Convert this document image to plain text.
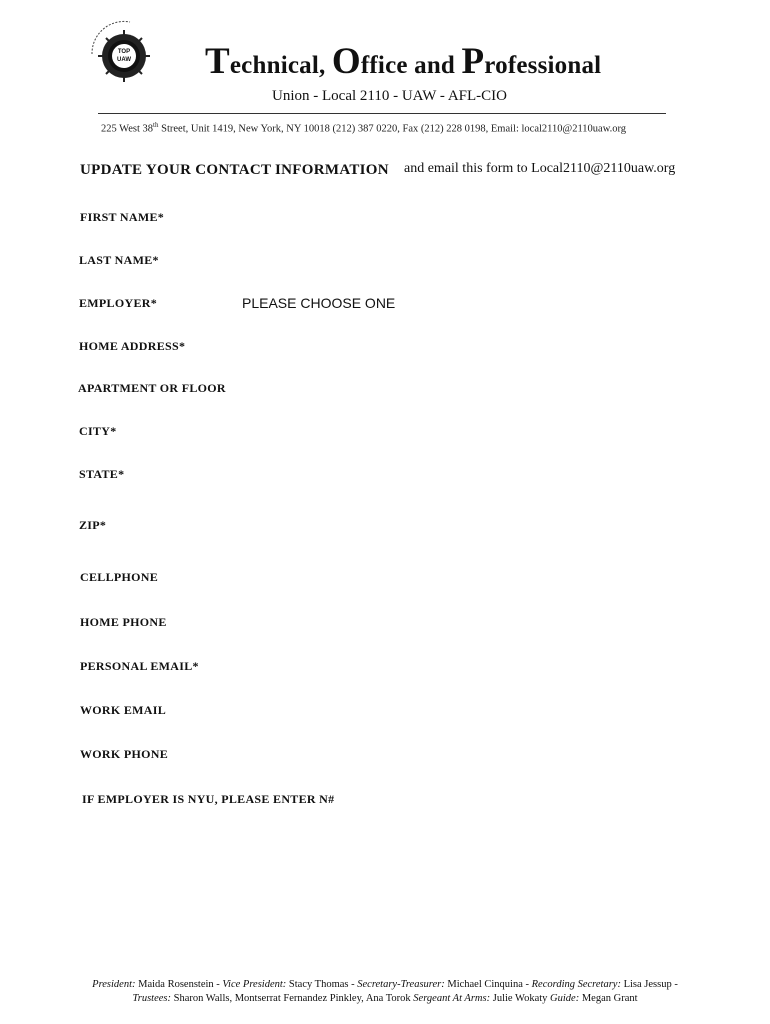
TOP
UAW Technical, Office and Professional
Union - Local 2110 - UAW - AFL-CIO
225 West 38th Street, Unit 1419, New York, NY 10018 (212) 387 0220, Fax (212) 228 0198, Email: local2110@2110uaw.org
UPDATE YOUR CONTACT INFORMATION and email this form to Local2110@2110uaw.org
FIRST NAME*
LAST NAME*
EMPLOYER*	PLEASE CHOOSE ONE
HOME ADDRESS*
APARTMENT OR FLOOR
CITY*
STATE*
ZIP*
CELLPHONE
HOME PHONE
PERSONAL EMAIL*
WORK EMAIL
WORK PHONE
IF EMPLOYER IS NYU, PLEASE ENTER N#
President: Maida Rosenstein - Vice President: Stacy Thomas - Secretary-Treasurer: Michael Cinquina - Recording Secretary: Lisa Jessup -
Trustees: Sharon Walls, Montserrat Fernandez Pinkley, Ana Torok Sergeant At Arms: Julie Wokaty Guide: Megan Grant
